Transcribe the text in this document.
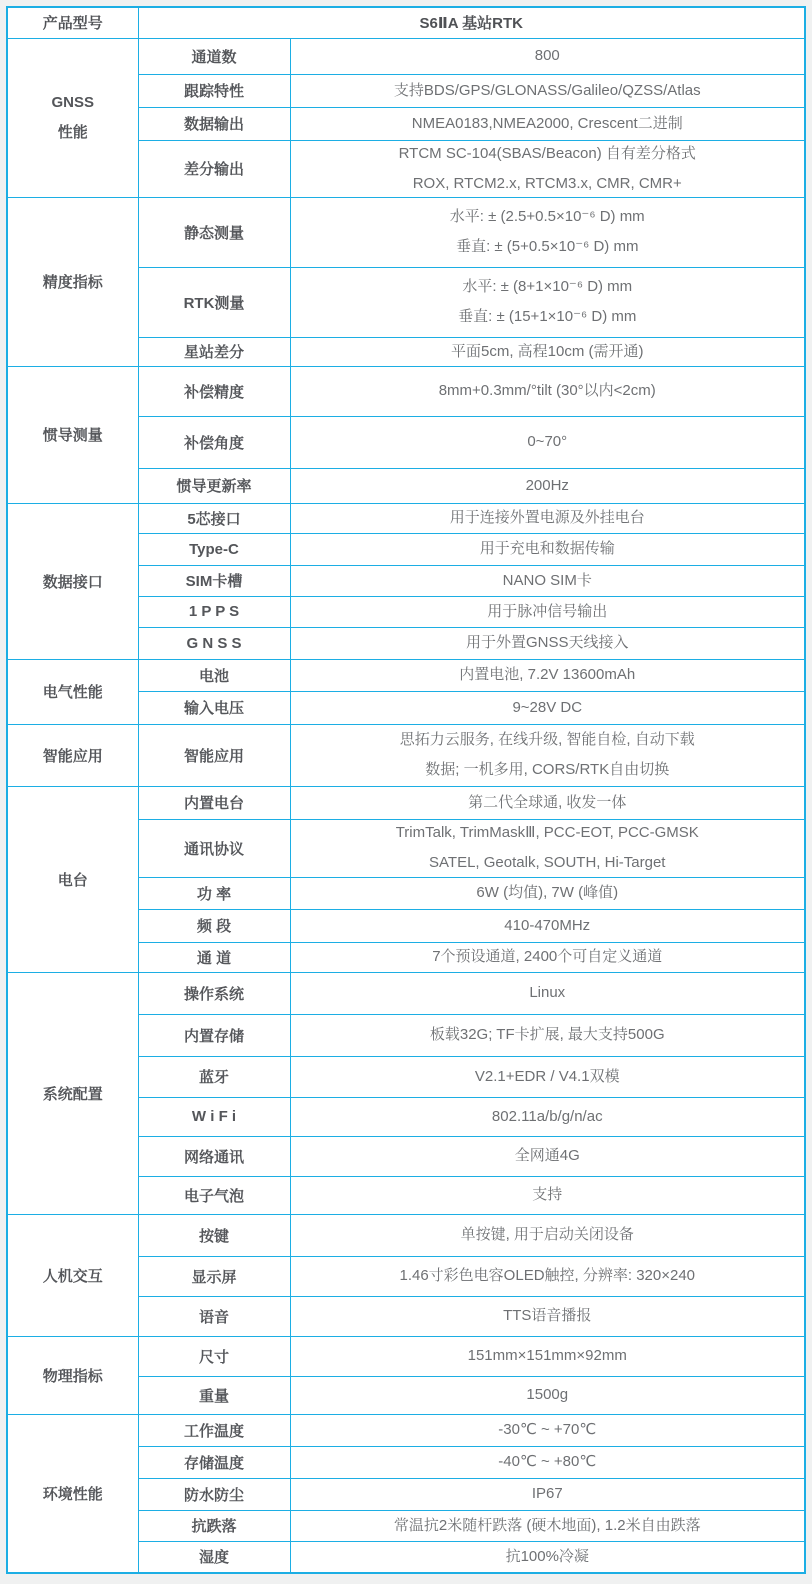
产品型号	S6ⅡA 基站RTK	

GNSS
性能	通道数	800

	跟踪特性	支持BDS/GPS/GLONASS/Galileo/QZSS/Atlas

	数据输出	NMEA0183,NMEA2000, Crescent二进制

	差分输出	RTCM SC-104(SBAS/Beacon) 自有差分格式
ROX, RTCM2.x, RTCM3.x, CMR, CMR+

精度指标	静态测量	水平: ± (2.5+0.5×10⁻⁶ D) mm
垂直: ± (5+0.5×10⁻⁶ D) mm

	RTK测量	水平: ± (8+1×10⁻⁶ D) mm
垂直: ± (15+1×10⁻⁶ D) mm

	星站差分	平面5cm, 高程10cm (需开通)

惯导测量	补偿精度	8mm+0.3mm/°tilt (30°以内<2cm)

	补偿角度	0~70°

	惯导更新率	200Hz

数据接口	5芯接口	用于连接外置电源及外挂电台

	Type-C	用于充电和数据传输

	SIM卡槽	NANO SIM卡

	1 P P S	用于脉冲信号输出

	G N S S	用于外置GNSS天线接入

电气性能	电池	内置电池, 7.2V 13600mAh

	输入电压	9~28V DC

智能应用	智能应用	思拓力云服务, 在线升级, 智能自检, 自动下载
数据; 一机多用, CORS/RTK自由切换

电台	内置电台	第二代全球通, 收发一体

	通讯协议	TrimTalk, TrimMaskⅢ, PCC-EOT, PCC-GMSK
SATEL, Geotalk, SOUTH, Hi-Target

	功 率	6W (均值), 7W (峰值)

	频 段	410-470MHz

	通 道	7个预设通道, 2400个可自定义通道

系统配置	操作系统	Linux

	内置存储	板载32G; TF卡扩展, 最大支持500G

	蓝牙	V2.1+EDR / V4.1双模

	W i F i	802.11a/b/g/n/ac

	网络通讯	全网通4G

	电子气泡	支持

人机交互	按键	单按键, 用于启动关闭设备

	显示屏	1.46寸彩色电容OLED触控, 分辨率: 320×240

	语音	TTS语音播报

物理指标	尺寸	151mm×151mm×92mm

	重量	1500g

环境性能	工作温度	-30℃ ~ +70℃

	存储温度	-40℃ ~ +80℃

	防水防尘	IP67

	抗跌落	常温抗2米随杆跌落 (硬木地面), 1.2米自由跌落

	湿度	抗100%冷凝
